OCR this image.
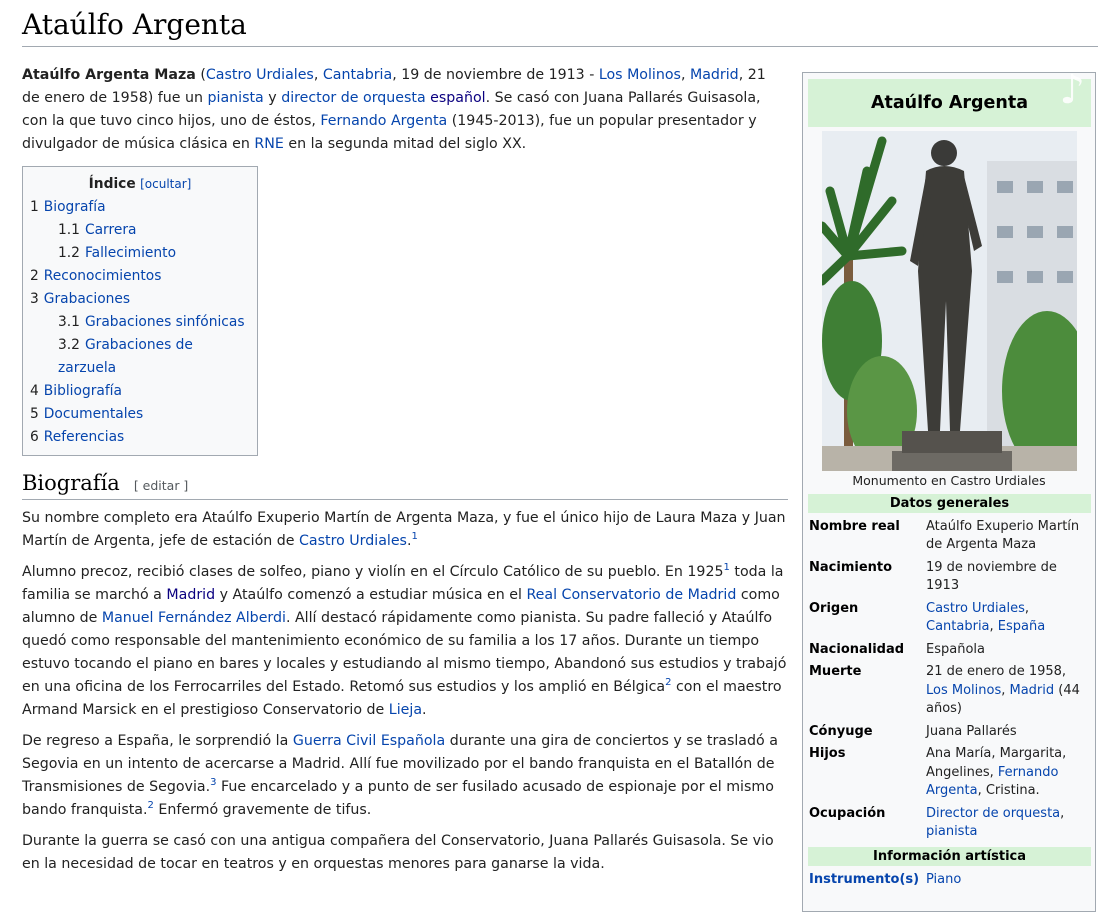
Ataúlfo Argenta

Ataúlfo Argenta Maza (Castro Urdiales, Cantabria, 19 de noviembre de 1913 - Los Molinos, Madrid, 21 de enero de 1958) fue un pianista y director de orquesta español. Se casó con Juana Pallarés Guisasola, con la que tuvo cinco hijos, uno de éstos, Fernando Argenta (1945-2013), fue un popular presentador y divulgador de música clásica en RNE en la segunda mitad del siglo XX.

Índice [ocultar]
1 Biografía
1.1 Carrera
1.2 Fallecimiento
2 Reconocimientos
3 Grabaciones
3.1 Grabaciones sinfónicas
3.2 Grabaciones de zarzuela
4 Bibliografía
5 Documentales
6 Referencias
Biografía [ editar ]

Su nombre completo era Ataúlfo Exuperio Martín de Argenta Maza, y fue el único hijo de Laura Maza y Juan Martín de Argenta, jefe de estación de Castro Urdiales.$^1$

Alumno precoz, recibió clases de solfeo, piano y violín en el Círculo Católico de su pueblo. En 1925$^1$ toda la familia se marchó a Madrid y Ataúlfo comenzó a estudiar música en el Real Conservatorio de Madrid como alumno de Manuel Fernández Alberdi. Allí destacó rápidamente como pianista. Su padre falleció y Ataúlfo quedó como responsable del mantenimiento económico de su familia a los 17 años. Durante un tiempo estuvo tocando el piano en bares y locales y estudiando al mismo tiempo, Abandonó sus estudios y trabajó en una oficina de los Ferrocarriles del Estado. Retomó sus estudios y los amplió en Bélgica$^2$ con el maestro Armand Marsick en el prestigioso Conservatorio de Lieja.

De regreso a España, le sorprendió la Guerra Civil Española durante una gira de conciertos y se trasladó a Segovia en un intento de acercarse a Madrid. Allí fue movilizado por el bando franquista en el Batallón de Transmisiones de Segovia.$^3$ Fue encarcelado y a punto de ser fusilado acusado de espionaje por el mismo bando franquista.$^2$ Enfermó gravemente de tifus.

Durante la guerra se casó con una antigua compañera del Conservatorio, Juana Pallarés Guisasola. Se vio en la necesidad de tocar en teatros y en orquestas menores para ganarse la vida.

Ataúlfo Argenta ♪
Monumento en Castro Urdiales
Datos generales
Nombre real	Ataúlfo Exuperio Martín de Argenta Maza
Nacimiento	19 de noviembre de 1913
Origen	Castro Urdiales, Cantabria, España
Nacionalidad	Española
Muerte	21 de enero de 1958, Los Molinos, Madrid (44 años)
Cónyuge	Juana Pallarés
Hijos	Ana María, Margarita, Angelines, Fernando Argenta, Cristina.
Ocupación	Director de orquesta, pianista
Información artística
Instrumento(s) Piano
